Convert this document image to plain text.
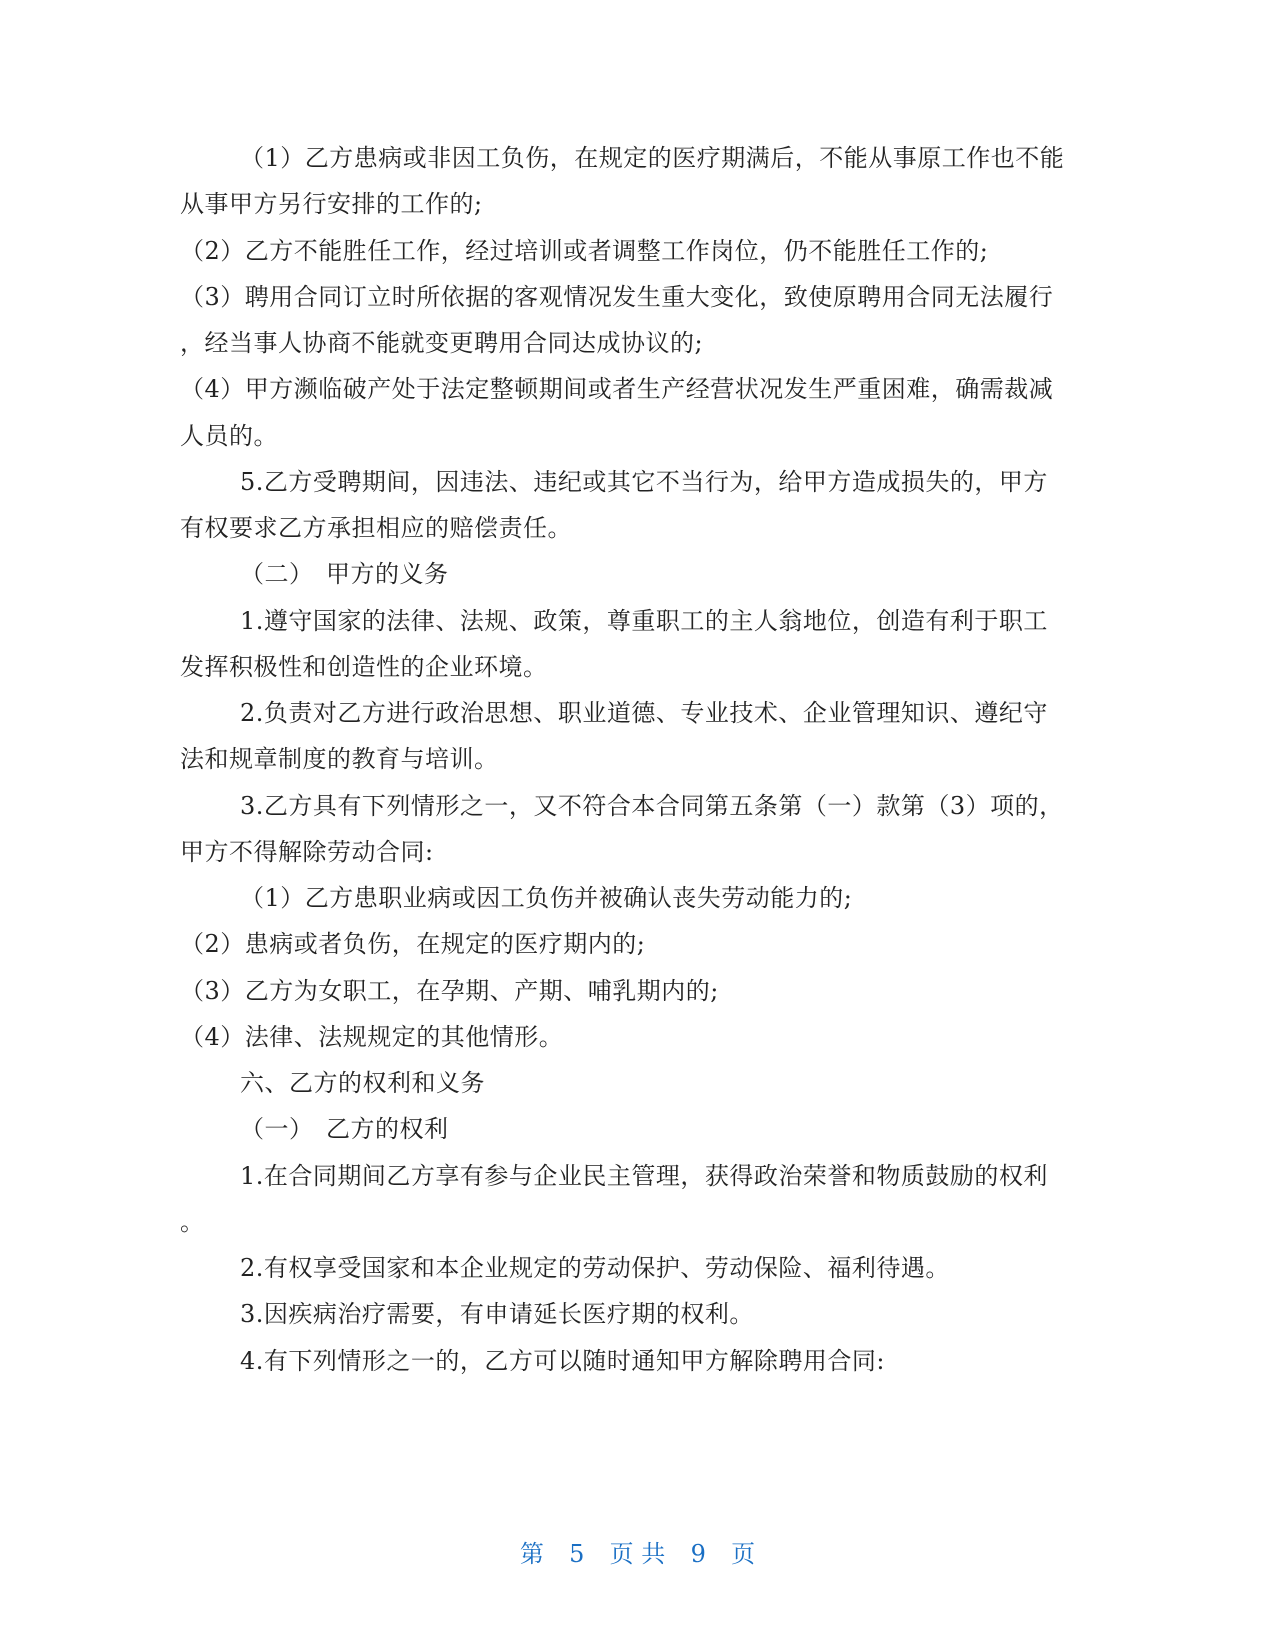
（1）乙方患病或非因工负伤，在规定的医疗期满后，不能从事原工作也不能
从事甲方另行安排的工作的;
（2）乙方不能胜任工作，经过培训或者调整工作岗位，仍不能胜任工作的;
（3）聘用合同订立时所依据的客观情况发生重大变化，致使原聘用合同无法履行
，经当事人协商不能就变更聘用合同达成协议的;
（4）甲方濒临破产处于法定整顿期间或者生产经营状况发生严重困难，确需裁减
人员的。
5.乙方受聘期间，因违法、违纪或其它不当行为，给甲方造成损失的，甲方
有权要求乙方承担相应的赔偿责任。
（二）　甲方的义务
1.遵守国家的法律、法规、政策，尊重职工的主人翁地位，创造有利于职工
发挥积极性和创造性的企业环境。
2.负责对乙方进行政治思想、职业道德、专业技术、企业管理知识、遵纪守
法和规章制度的教育与培训。
3.乙方具有下列情形之一，又不符合本合同第五条第（一）款第（3）项的，
甲方不得解除劳动合同:
（1）乙方患职业病或因工负伤并被确认丧失劳动能力的;
（2）患病或者负伤，在规定的医疗期内的;
（3）乙方为女职工，在孕期、产期、哺乳期内的;
（4）法律、法规规定的其他情形。
六、乙方的权利和义务
（一）　乙方的权利
1.在合同期间乙方享有参与企业民主管理，获得政治荣誉和物质鼓励的权利
。
2.有权享受国家和本企业规定的劳动保护、劳动保险、福利待遇。
3.因疾病治疗需要，有申请延长医疗期的权利。
4.有下列情形之一的，乙方可以随时通知甲方解除聘用合同:
第 5 页 共 9 页
